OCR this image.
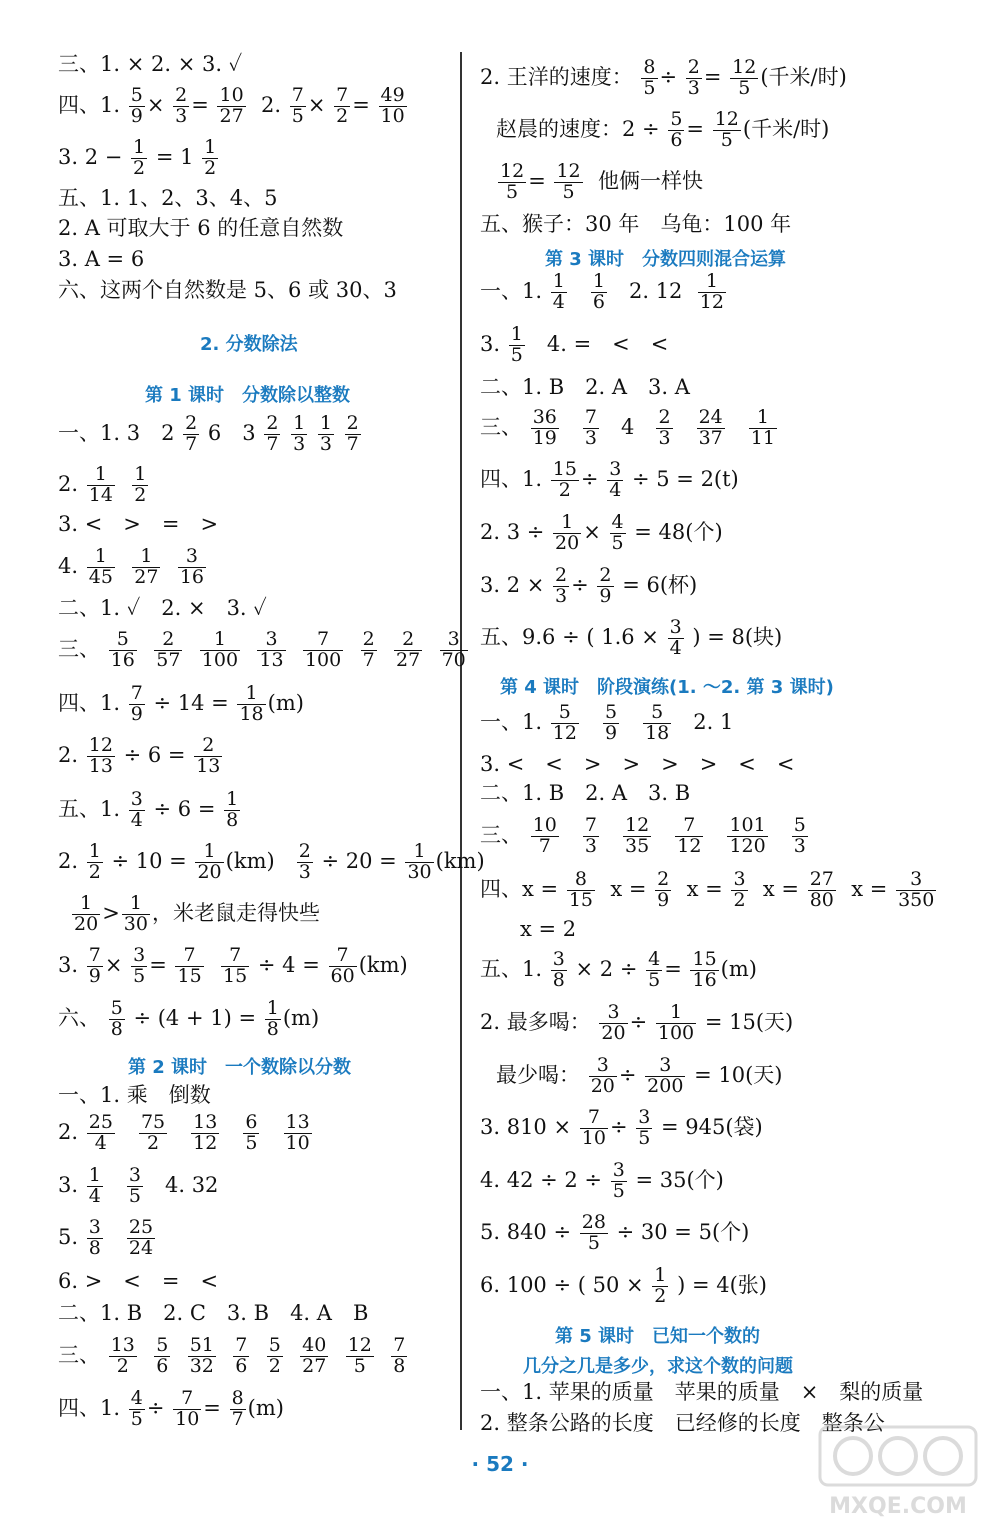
三、1. × 2. × 3. ✓
四、1. $\frac{5}{9} \times \frac{2}{3} = \frac{10}{27} 2$. $\frac{7}{5} \times \frac{7}{2} = \frac{49}{10}$
3. $2 - \frac{1}{2} = 1 \frac{1}{2}$
五、1. 1、2、3、4、5
2. A 可取大于 6 的任意自然数
3. A = 6
六、这两个自然数是 5、6 或 30、3
2. 分数除法
第 1 课时　分数除以整数
一、1. 3　$2 \frac{2}{7} 6$　$3 \frac{2}{7}$
$\frac{1}{3}$
$\frac{1}{3}$
$\frac{2}{7}$
2. $\frac{1}{14}$
$\frac{1}{2}$
3. <　>　=　>
4. $\frac{1}{45}$
$\frac{1}{27}$
$\frac{3}{16}$
二、1. ✓　2. ×　3. ✓
三、 $\frac{5}{16}$
$\frac{2}{57}$
$\frac{1}{100}$
$\frac{3}{13}$
$\frac{7}{100}$
$\frac{2}{7}$
$\frac{2}{27}$
$\frac{3}{70}$
四、1. $\frac{7}{9} \div 14 = \frac{1}{18} (m)$
2. $\frac{12}{13} \div 6 = \frac{2}{13}$
五、1. $\frac{3}{4} \div 6 = \frac{1}{8}$
2. $\frac{1}{2} \div 10 = \frac{1}{20} (km) \frac{2}{3} \div 20 = \frac{1}{30} (km)$
$\frac{1}{20} > \frac{1}{30}$ ，米老鼠走得快些
3. $\frac{7}{9} \times \frac{3}{5} = \frac{7}{15}$
$\frac{7}{15} \div 4 = \frac{7}{60} (km)$
六、 $\frac{5}{8} \div (4 + 1) = \frac{1}{8} (m)$
第 2 课时　一个数除以分数
一、1. 乘　倒数
2. $\frac{25}{4}$
$\frac{75}{2}$
$\frac{13}{12}$
$\frac{6}{5}$
$\frac{13}{10}$
3. $\frac{1}{4}$
$\frac{3}{5} 4$. 32
5. $\frac{3}{8}$
$\frac{25}{24}$
6. >　<　=　<
二、1. B　2. C　3. B　4. A　B
三、 $\frac{13}{2}$
$\frac{5}{6}$
$\frac{51}{32}$
$\frac{7}{6}$
$\frac{5}{2}$
$\frac{40}{27}$
$\frac{12}{5}$
$\frac{7}{8}$
四、1. $\frac{4}{5} \div \frac{7}{10} = \frac{8}{7} (m)$
2. 王洋的速度： $\frac{8}{5} \div \frac{2}{3} = \frac{12}{5}$ (千米/时)
赵晨的速度：$2 \div \frac{5}{6} = \frac{12}{5}$ (千米/时)
$\frac{12}{5} = \frac{12}{5}$ 他俩一样快
五、猴子：30 年　乌龟：100 年
第 3 课时　分数四则混合运算
一、1. $\frac{1}{4}$
$\frac{1}{6} 2$. $12 \frac{1}{12}$
3. $\frac{1}{5} 4$. =　<　<
二、1. B　2. A　3. A
三、 $\frac{36}{19}$
$\frac{7}{3} 4 \frac{2}{3}$
$\frac{24}{37}$
$\frac{1}{11}$
四、1. $\frac{15}{2} \div \frac{3}{4} \div 5 = 2(t)$
2. $3 \div \frac{1}{20} \times \frac{4}{5} = 48$(个)
3. $2 \times \frac{2}{3} \div \frac{2}{9} = 6$(杯)
五、9.6 ÷ ( $1.6 \times \frac{3}{4}$ ) = 8(块)
第 4 课时　阶段演练(1. ～2. 第 3 课时)
一、1. $\frac{5}{12}$
$\frac{5}{9}$
$\frac{5}{18} 2$. 1
3. <　<　>　>　>　>　<　<
二、1. B　2. A　3. B
三、 $\frac{10}{7}$
$\frac{7}{3}$
$\frac{12}{35}$
$\frac{7}{12}$
$\frac{101}{120}$
$\frac{5}{3}$
四、$x = \frac{8}{15}$ $x = \frac{2}{9}$ $x = \frac{3}{2}$ $x = \frac{27}{80}$ $x = \frac{3}{350}$
x = 2
五、1. $\frac{3}{8} \times 2 \div \frac{4}{5} = \frac{15}{16} (m)$
2. 最多喝： $\frac{3}{20} \div \frac{1}{100} = 15$(天)
最少喝： $\frac{3}{20} \div \frac{3}{200} = 10$(天)
3. $810 \times \frac{7}{10} \div \frac{3}{5} = 945$(袋)
4. $42 \div 2 \div \frac{3}{5} = 35$(个)
5. $840 \div \frac{28}{5} \div 30 = 5$(个)
6. 100 ÷ ( $50 \times \frac{1}{2}$ ) = 4(张)
第 5 课时　已知一个数的
几分之几是多少，求这个数的问题
一、1. 苹果的质量　苹果的质量　×　梨的质量
2. 整条公路的长度　已经修的长度　整条公
· 52 ·
MXQE.COM
